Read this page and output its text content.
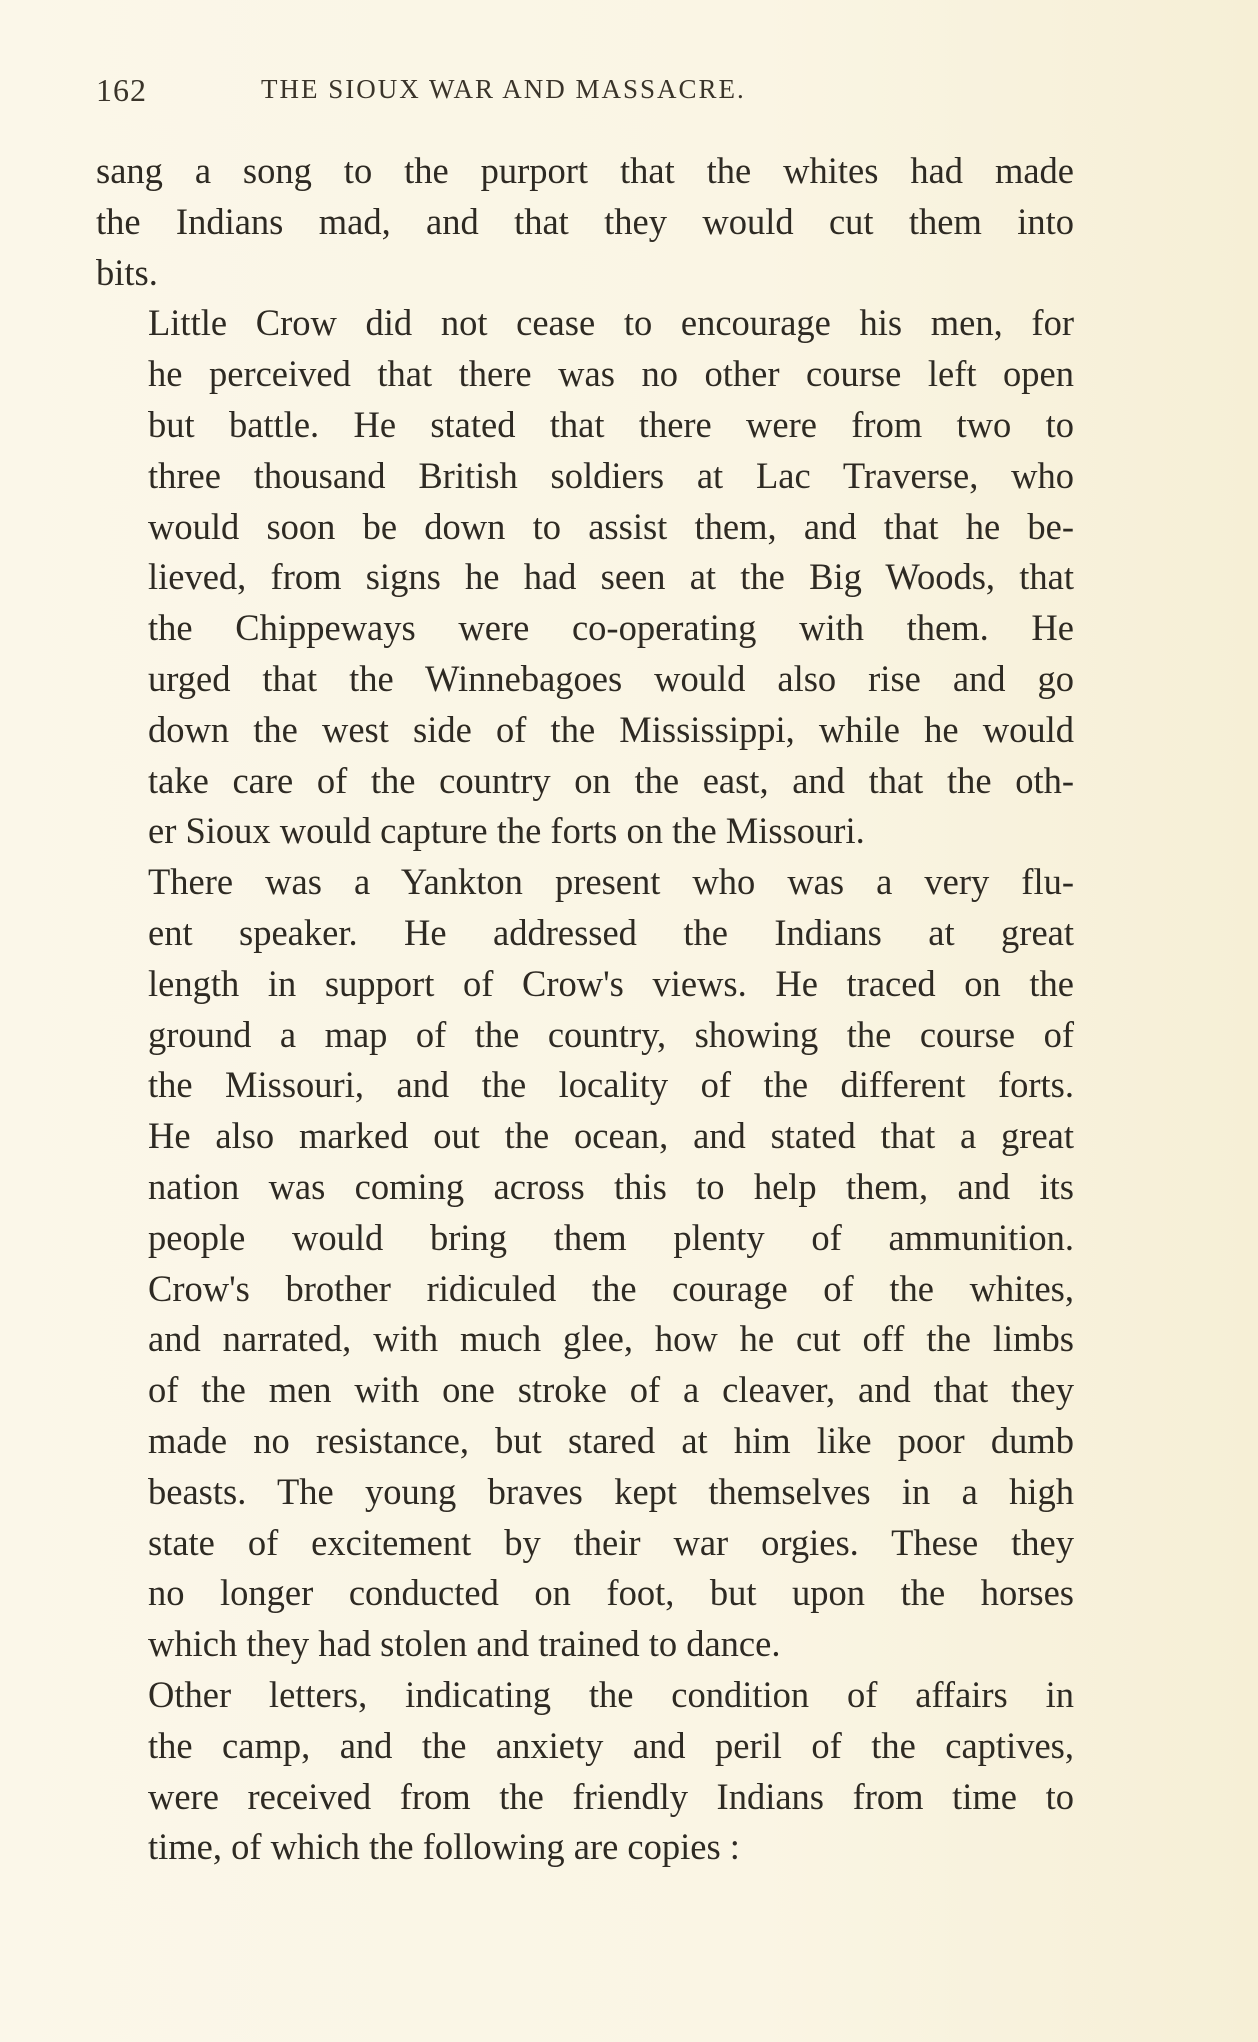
162	THE SIOUX WAR AND MASSACRE.

sang a song to the purport that the whites had made
the Indians mad, and that they would cut them into
bits.

Little Crow did not cease to encourage his men, for
he perceived that there was no other course left open
but battle. He stated that there were from two to
three thousand British soldiers at Lac Traverse, who
would soon be down to assist them, and that he be-
lieved, from signs he had seen at the Big Woods, that
the Chippeways were co-operating with them. He
urged that the Winnebagoes would also rise and go
down the west side of the Mississippi, while he would
take care of the country on the east, and that the oth-
er Sioux would capture the forts on the Missouri.

There was a Yankton present who was a very flu-
ent speaker. He addressed the Indians at great
length in support of Crow's views. He traced on the
ground a map of the country, showing the course of
the Missouri, and the locality of the different forts.
He also marked out the ocean, and stated that a great
nation was coming across this to help them, and its
people would bring them plenty of ammunition.
Crow's brother ridiculed the courage of the whites,
and narrated, with much glee, how he cut off the limbs
of the men with one stroke of a cleaver, and that they
made no resistance, but stared at him like poor dumb
beasts. The young braves kept themselves in a high
state of excitement by their war orgies. These they
no longer conducted on foot, but upon the horses
which they had stolen and trained to dance.

Other letters, indicating the condition of affairs in
the camp, and the anxiety and peril of the captives,
were received from the friendly Indians from time to
time, of which the following are copies :
